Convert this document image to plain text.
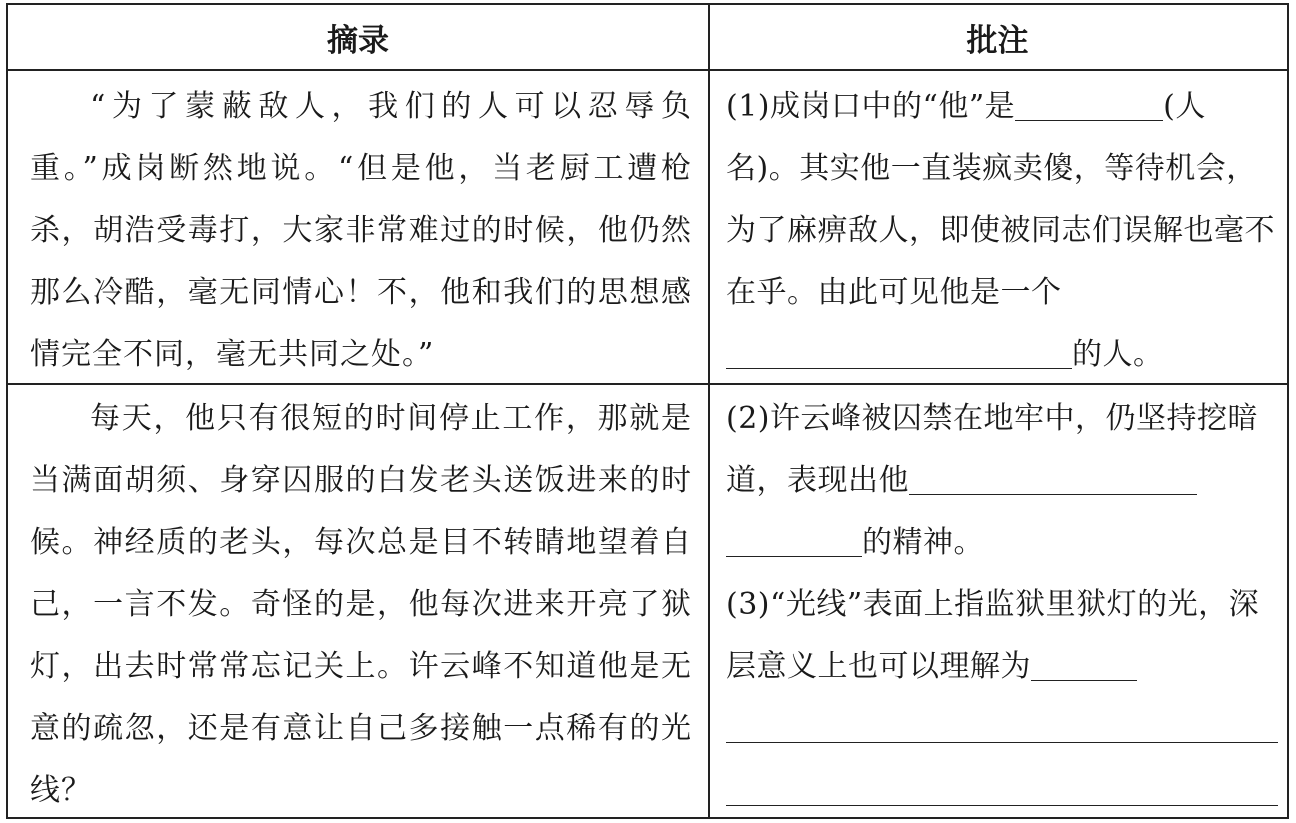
摘录	批注

“为了蒙蔽敌人，我们的人可以忍辱负重。”成岗断然地说。“但是他，当老厨工遭枪杀，胡浩受毒打，大家非常难过的时候，他仍然那么冷酷，毫无同情心！不，他和我们的思想感情完全不同，毫无共同之处。”

(1)成岗口中的“他”是	(人名)。其实他一直装疯卖傻，等待机会，为了麻痹敌人，即使被同志们误解也毫不在乎。由此可见他是一个
的人。

每天，他只有很短的时间停止工作，那就是当满面胡须、身穿囚服的白发老头送饭进来的时候。神经质的老头，每次总是目不转睛地望着自己，一言不发。奇怪的是，他每次进来开亮了狱灯，出去时常常忘记关上。许云峰不知道他是无意的疏忽，还是有意让自己多接触一点稀有的光线？

(2)许云峰被囚禁在地牢中，仍坚持挖暗道，表现出他
的精神。
(3)“光线”表面上指监狱里狱灯的光，深层意义上也可以理解为
